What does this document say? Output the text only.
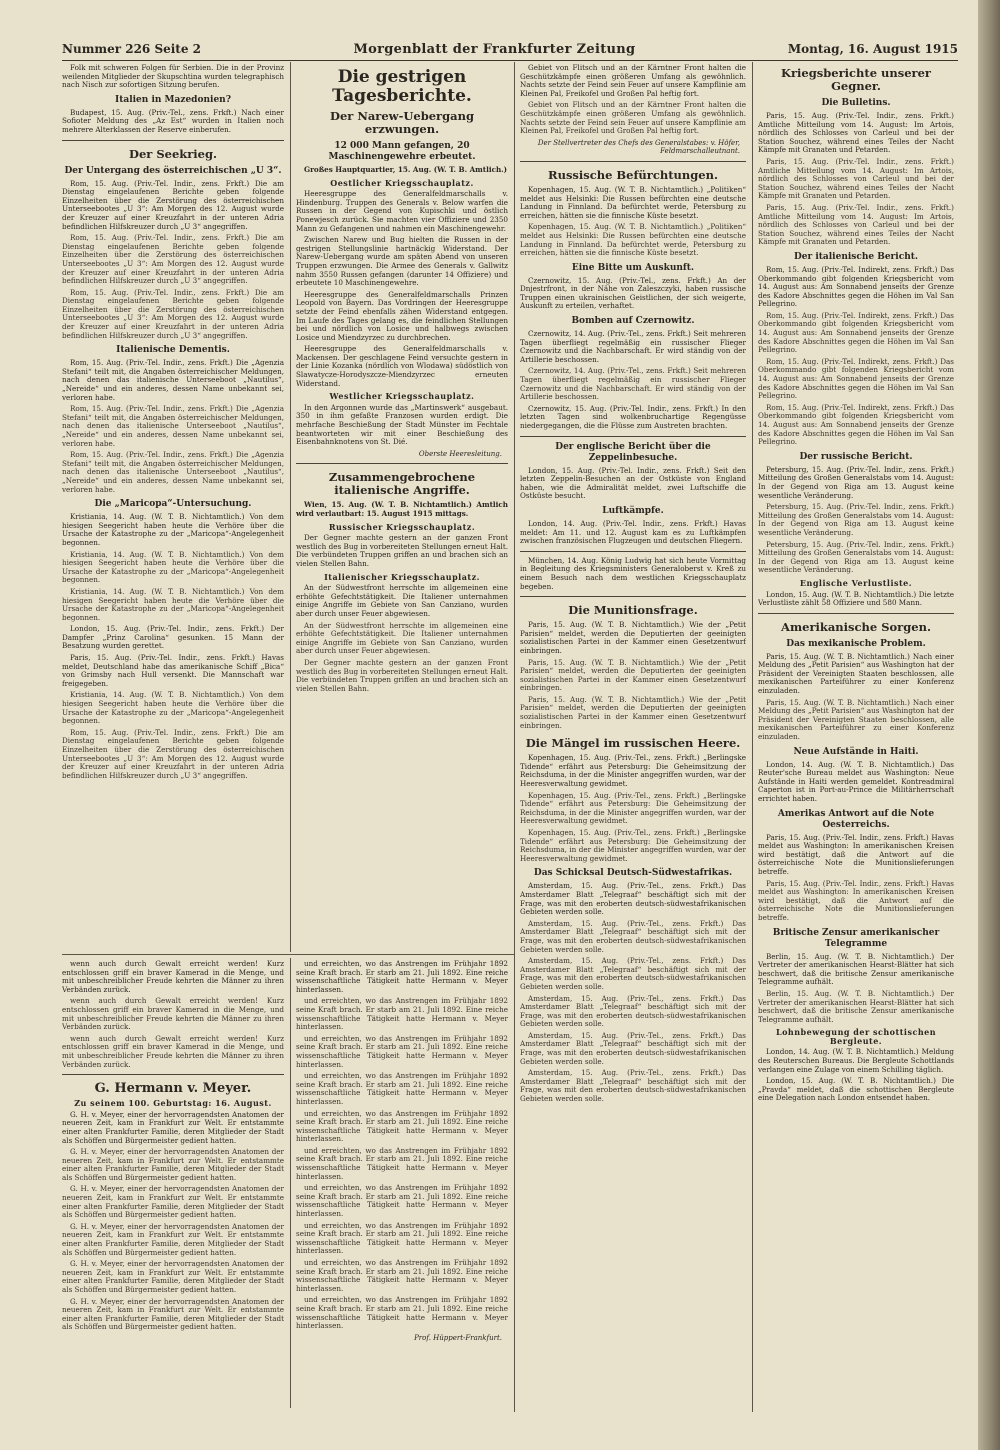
Nummer 226 Seite 2	Morgenblatt der Frankfurter Zeitung	Montag, 16. August 1915

Folk mit schweren Folgen für Serbien. Die in der Provinz weilenden Mitglieder der Skupschtina wurden telegraphisch nach Nisch zur sofortigen Sitzung berufen.

Italien in Mazedonien?

Budapest, 15. Aug. (Priv.-Tel., zens. Frkft.) Nach einer Sofioter Meldung des „Az Est“ wurden in Italien noch mehrere Alterklassen der Reserve einberufen.

Der Seekrieg.
Der Untergang des österreichischen „U 3“.

Rom, 15. Aug. (Priv.-Tel. Indir., zens. Frkft.) Die am Dienstag eingelaufenen Berichte geben folgende Einzelheiten über die Zerstörung des österreichischen Unterseebootes „U 3“: Am Morgen des 12. August wurde der Kreuzer auf einer Kreuzfahrt in der unteren Adria befindlichen Hilfskreuzer durch „U 3“ angegriffen.

Rom, 15. Aug. (Priv.-Tel. Indir., zens. Frkft.) Die am Dienstag eingelaufenen Berichte geben folgende Einzelheiten über die Zerstörung des österreichischen Unterseebootes „U 3“: Am Morgen des 12. August wurde der Kreuzer auf einer Kreuzfahrt in der unteren Adria befindlichen Hilfskreuzer durch „U 3“ angegriffen.

Rom, 15. Aug. (Priv.-Tel. Indir., zens. Frkft.) Die am Dienstag eingelaufenen Berichte geben folgende Einzelheiten über die Zerstörung des österreichischen Unterseebootes „U 3“: Am Morgen des 12. August wurde der Kreuzer auf einer Kreuzfahrt in der unteren Adria befindlichen Hilfskreuzer durch „U 3“ angegriffen.

Italienische Dementis.

Rom, 15. Aug. (Priv.-Tel. Indir., zens. Frkft.) Die „Agenzia Stefani“ teilt mit, die Angaben österreichischer Meldungen, nach denen das italienische Unterseeboot „Nautilus“, „Nereide“ und ein anderes, dessen Name unbekannt sei, verloren habe.

Rom, 15. Aug. (Priv.-Tel. Indir., zens. Frkft.) Die „Agenzia Stefani“ teilt mit, die Angaben österreichischer Meldungen, nach denen das italienische Unterseeboot „Nautilus“, „Nereide“ und ein anderes, dessen Name unbekannt sei, verloren habe.

Rom, 15. Aug. (Priv.-Tel. Indir., zens. Frkft.) Die „Agenzia Stefani“ teilt mit, die Angaben österreichischer Meldungen, nach denen das italienische Unterseeboot „Nautilus“, „Nereide“ und ein anderes, dessen Name unbekannt sei, verloren habe.

Die „Maricopa“-Untersuchung.

Kristiania, 14. Aug. (W. T. B. Nichtamtlich.) Von dem hiesigen Seegericht haben heute die Verhöre über die Ursache der Katastrophe zu der „Maricopa“-Angelegenheit begonnen.

Kristiania, 14. Aug. (W. T. B. Nichtamtlich.) Von dem hiesigen Seegericht haben heute die Verhöre über die Ursache der Katastrophe zu der „Maricopa“-Angelegenheit begonnen.

Kristiania, 14. Aug. (W. T. B. Nichtamtlich.) Von dem hiesigen Seegericht haben heute die Verhöre über die Ursache der Katastrophe zu der „Maricopa“-Angelegenheit begonnen.

London, 15. Aug. (Priv.-Tel. Indir., zens. Frkft.) Der Dampfer „Prinz Carolina“ gesunken. 15 Mann der Besatzung wurden gerettet.

Paris, 15. Aug. (Priv.-Tel. Indir., zens. Frkft.) Havas meldet, Deutschland habe das amerikanische Schiff „Bica“ von Grimsby nach Hull versenkt. Die Mannschaft war freigegeben.

Kristiania, 14. Aug. (W. T. B. Nichtamtlich.) Von dem hiesigen Seegericht haben heute die Verhöre über die Ursache der Katastrophe zu der „Maricopa“-Angelegenheit begonnen.

Rom, 15. Aug. (Priv.-Tel. Indir., zens. Frkft.) Die am Dienstag eingelaufenen Berichte geben folgende Einzelheiten über die Zerstörung des österreichischen Unterseebootes „U 3“: Am Morgen des 12. August wurde der Kreuzer auf einer Kreuzfahrt in der unteren Adria befindlichen Hilfskreuzer durch „U 3“ angegriffen.

Die gestrigen Tagesberichte.
Der Narew-Uebergang erzwungen.
12 000 Mann gefangen, 20 Maschinengewehre erbeutet.

Großes Hauptquartier, 15. Aug. (W. T. B. Amtlich.)

Oestlicher Kriegsschauplatz.

Heeresgruppe des Generalfeldmarschalls v. Hindenburg. Truppen des Generals v. Below warfen die Russen in der Gegend von Kupischki und östlich Ponewjesch zurück. Sie machten vier Offiziere und 2350 Mann zu Gefangenen und nahmen ein Maschinengewehr.

Zwischen Narew und Bug hielten die Russen in der gestrigen Stellungslinie hartnäckig Widerstand. Der Narew-Uebergang wurde am späten Abend von unseren Truppen erzwungen. Die Armee des Generals v. Gallwitz nahm 3550 Russen gefangen (darunter 14 Offiziere) und erbeutete 10 Maschinengewehre.

Heeresgruppe des Generalfeldmarschalls Prinzen Leopold von Bayern. Das Vordringen der Heeresgruppe setzte der Feind ebenfalls zähen Widerstand entgegen. Im Laufe des Tages gelang es, die feindlichen Stellungen bei und nördlich von Losice und halbwegs zwischen Losice und Miendzyrzec zu durchbrechen.

Heeresgruppe des Generalfeldmarschalls v. Mackensen. Der geschlagene Feind versuchte gestern in der Linie Kozanka (nördlich von Wlodawa) südöstlich von Slawatycze-Horodyszcze-Miendzyrzec erneuten Widerstand.

Westlicher Kriegsschauplatz.

In den Argonnen wurde das „Martinswerk“ ausgebaut. 350 in ihm gefaßte Franzosen wurden erdigt. Die mehrfache Beschießung der Stadt Münster im Fechtale beantworteten wir mit einer Beschießung des Eisenbahnknotens von St. Dié.

Oberste Heeresleitung.
Zusammengebrochene italienische Angriffe.

Wien, 15. Aug. (W. T. B. Nichtamtlich.) Amtlich wird verlautbart: 15. August 1915 mittags.

Russischer Kriegsschauplatz.

Der Gegner machte gestern an der ganzen Front westlich des Bug in vorbereiteten Stellungen erneut Halt. Die verbündeten Truppen griffen an und brachen sich an vielen Stellen Bahn.

Italienischer Kriegsschauplatz.

An der Südwestfront herrschte im allgemeinen eine erhöhte Gefechtstätigkeit. Die Italiener unternahmen einige Angriffe im Gebiete von San Canziano, wurden aber durch unser Feuer abgewiesen.

An der Südwestfront herrschte im allgemeinen eine erhöhte Gefechtstätigkeit. Die Italiener unternahmen einige Angriffe im Gebiete von San Canziano, wurden aber durch unser Feuer abgewiesen.

Der Gegner machte gestern an der ganzen Front westlich des Bug in vorbereiteten Stellungen erneut Halt. Die verbündeten Truppen griffen an und brachen sich an vielen Stellen Bahn.

Gebiet von Flitsch und an der Kärntner Front halten die Geschützkämpfe einen größeren Umfang als gewöhnlich. Nachts setzte der Feind sein Feuer auf unsere Kampflinie am Kleinen Pal, Freikofel und Großen Pal heftig fort.

Gebiet von Flitsch und an der Kärntner Front halten die Geschützkämpfe einen größeren Umfang als gewöhnlich. Nachts setzte der Feind sein Feuer auf unsere Kampflinie am Kleinen Pal, Freikofel und Großen Pal heftig fort.

Der Stellvertreter des Chefs des Generalstabes: v. Höfer, Feldmarschalleutnant.
Russische Befürchtungen.

Kopenhagen, 15. Aug. (W. T. B. Nichtamtlich.) „Politiken“ meldet aus Helsinki: Die Russen befürchten eine deutsche Landung in Finnland. Da befürchtet werde, Petersburg zu erreichen, hätten sie die finnische Küste besetzt.

Kopenhagen, 15. Aug. (W. T. B. Nichtamtlich.) „Politiken“ meldet aus Helsinki: Die Russen befürchten eine deutsche Landung in Finnland. Da befürchtet werde, Petersburg zu erreichen, hätten sie die finnische Küste besetzt.

Eine Bitte um Auskunft.

Czernowitz, 15. Aug. (Priv.-Tel., zens. Frkft.) An der Dnjestrfront, in der Nähe von Zaleszczyki, haben russische Truppen einen ukrainischen Geistlichen, der sich weigerte, Auskunft zu erteilen, verhaftet.

Bomben auf Czernowitz.

Czernowitz, 14. Aug. (Priv.-Tel., zens. Frkft.) Seit mehreren Tagen überfliegt regelmäßig ein russischer Flieger Czernowitz und die Nachbarschaft. Er wird ständig von der Artillerie beschossen.

Czernowitz, 14. Aug. (Priv.-Tel., zens. Frkft.) Seit mehreren Tagen überfliegt regelmäßig ein russischer Flieger Czernowitz und die Nachbarschaft. Er wird ständig von der Artillerie beschossen.

Czernowitz, 15. Aug. (Priv.-Tel. Indir., zens. Frkft.) In den letzten Tagen sind wolkenbruchartige Regengüsse niedergegangen, die die Flüsse zum Austreten brachten.

Der englische Bericht über die Zeppelinbesuche.

London, 15. Aug. (Priv.-Tel. Indir., zens. Frkft.) Seit den letzten Zeppelin-Besuchen an der Ostküste von England haben, wie die Admiralität meldet, zwei Luftschiffe die Ostküste besucht.

Luftkämpfe.

London, 14. Aug. (Priv.-Tel. Indir., zens. Frkft.) Havas meldet: Am 11. und 12. August kam es zu Luftkämpfen zwischen französischen Flugzeugen und deutschen Fliegern.

München, 14. Aug. König Ludwig hat sich heute Vormittag in Begleitung des Kriegsministers Generaloberst v. Kreß zu einem Besuch nach dem westlichen Kriegsschauplatz begeben.

Die Munitionsfrage.

Paris, 15. Aug. (W. T. B. Nichtamtlich.) Wie der „Petit Parisien“ meldet, werden die Deputierten der geeinigten sozialistischen Partei in der Kammer einen Gesetzentwurf einbringen.

Paris, 15. Aug. (W. T. B. Nichtamtlich.) Wie der „Petit Parisien“ meldet, werden die Deputierten der geeinigten sozialistischen Partei in der Kammer einen Gesetzentwurf einbringen.

Paris, 15. Aug. (W. T. B. Nichtamtlich.) Wie der „Petit Parisien“ meldet, werden die Deputierten der geeinigten sozialistischen Partei in der Kammer einen Gesetzentwurf einbringen.

Die Mängel im russischen Heere.

Kopenhagen, 15. Aug. (Priv.-Tel., zens. Frkft.) „Berlingske Tidende“ erfährt aus Petersburg: Die Geheimsitzung der Reichsduma, in der die Minister angegriffen wurden, war der Heeresverwaltung gewidmet.

Kopenhagen, 15. Aug. (Priv.-Tel., zens. Frkft.) „Berlingske Tidende“ erfährt aus Petersburg: Die Geheimsitzung der Reichsduma, in der die Minister angegriffen wurden, war der Heeresverwaltung gewidmet.

Kopenhagen, 15. Aug. (Priv.-Tel., zens. Frkft.) „Berlingske Tidende“ erfährt aus Petersburg: Die Geheimsitzung der Reichsduma, in der die Minister angegriffen wurden, war der Heeresverwaltung gewidmet.

Das Schicksal Deutsch-Südwestafrikas.

Amsterdam, 15. Aug. (Priv.-Tel., zens. Frkft.) Das Amsterdamer Blatt „Telegraaf“ beschäftigt sich mit der Frage, was mit den eroberten deutsch-südwestafrikanischen Gebieten werden solle.

Amsterdam, 15. Aug. (Priv.-Tel., zens. Frkft.) Das Amsterdamer Blatt „Telegraaf“ beschäftigt sich mit der Frage, was mit den eroberten deutsch-südwestafrikanischen Gebieten werden solle.

Amsterdam, 15. Aug. (Priv.-Tel., zens. Frkft.) Das Amsterdamer Blatt „Telegraaf“ beschäftigt sich mit der Frage, was mit den eroberten deutsch-südwestafrikanischen Gebieten werden solle.

Amsterdam, 15. Aug. (Priv.-Tel., zens. Frkft.) Das Amsterdamer Blatt „Telegraaf“ beschäftigt sich mit der Frage, was mit den eroberten deutsch-südwestafrikanischen Gebieten werden solle.

Amsterdam, 15. Aug. (Priv.-Tel., zens. Frkft.) Das Amsterdamer Blatt „Telegraaf“ beschäftigt sich mit der Frage, was mit den eroberten deutsch-südwestafrikanischen Gebieten werden solle.

Amsterdam, 15. Aug. (Priv.-Tel., zens. Frkft.) Das Amsterdamer Blatt „Telegraaf“ beschäftigt sich mit der Frage, was mit den eroberten deutsch-südwestafrikanischen Gebieten werden solle.

Kriegsberichte unserer Gegner.
Die Bulletins.

Paris, 15. Aug. (Priv.-Tel. Indir., zens. Frkft.) Amtliche Mitteilung vom 14. August: Im Artois, nördlich des Schlosses von Carleul und bei der Station Souchez, während eines Teiles der Nacht Kämpfe mit Granaten und Petarden.

Paris, 15. Aug. (Priv.-Tel. Indir., zens. Frkft.) Amtliche Mitteilung vom 14. August: Im Artois, nördlich des Schlosses von Carleul und bei der Station Souchez, während eines Teiles der Nacht Kämpfe mit Granaten und Petarden.

Paris, 15. Aug. (Priv.-Tel. Indir., zens. Frkft.) Amtliche Mitteilung vom 14. August: Im Artois, nördlich des Schlosses von Carleul und bei der Station Souchez, während eines Teiles der Nacht Kämpfe mit Granaten und Petarden.

Der italienische Bericht.

Rom, 15. Aug. (Priv.-Tel. Indirekt, zens. Frkft.) Das Oberkommando gibt folgenden Kriegsbericht vom 14. August aus: Am Sonnabend jenseits der Grenze des Kadore Abschnittes gegen die Höhen im Val San Pellegrino.

Rom, 15. Aug. (Priv.-Tel. Indirekt, zens. Frkft.) Das Oberkommando gibt folgenden Kriegsbericht vom 14. August aus: Am Sonnabend jenseits der Grenze des Kadore Abschnittes gegen die Höhen im Val San Pellegrino.

Rom, 15. Aug. (Priv.-Tel. Indirekt, zens. Frkft.) Das Oberkommando gibt folgenden Kriegsbericht vom 14. August aus: Am Sonnabend jenseits der Grenze des Kadore Abschnittes gegen die Höhen im Val San Pellegrino.

Rom, 15. Aug. (Priv.-Tel. Indirekt, zens. Frkft.) Das Oberkommando gibt folgenden Kriegsbericht vom 14. August aus: Am Sonnabend jenseits der Grenze des Kadore Abschnittes gegen die Höhen im Val San Pellegrino.

Der russische Bericht.

Petersburg, 15. Aug. (Priv.-Tel. Indir., zens. Frkft.) Mitteilung des Großen Generalstabs vom 14. August: In der Gegend von Riga am 13. August keine wesentliche Veränderung.

Petersburg, 15. Aug. (Priv.-Tel. Indir., zens. Frkft.) Mitteilung des Großen Generalstabs vom 14. August: In der Gegend von Riga am 13. August keine wesentliche Veränderung.

Petersburg, 15. Aug. (Priv.-Tel. Indir., zens. Frkft.) Mitteilung des Großen Generalstabs vom 14. August: In der Gegend von Riga am 13. August keine wesentliche Veränderung.

Englische Verlustliste.

London, 15. Aug. (W. T. B. Nichtamtlich.) Die letzte Verlustliste zählt 58 Offiziere und 580 Mann.

Amerikanische Sorgen.
Das mexikanische Problem.

Paris, 15. Aug. (W. T. B. Nichtamtlich.) Nach einer Meldung des „Petit Parisien“ aus Washington hat der Präsident der Vereinigten Staaten beschlossen, alle mexikanischen Parteiführer zu einer Konferenz einzuladen.

Paris, 15. Aug. (W. T. B. Nichtamtlich.) Nach einer Meldung des „Petit Parisien“ aus Washington hat der Präsident der Vereinigten Staaten beschlossen, alle mexikanischen Parteiführer zu einer Konferenz einzuladen.

Neue Aufstände in Haiti.

London, 14. Aug. (W. T. B. Nichtamtlich.) Das Reuter'sche Bureau meldet aus Washington: Neue Aufstände in Haiti werden gemeldet. Kontreadmiral Caperton ist in Port-au-Prince die Militärherrschaft errichtet haben.

Amerikas Antwort auf die Note Oesterreichs.

Paris, 15. Aug. (Priv.-Tel. Indir., zens. Frkft.) Havas meldet aus Washington: In amerikanischen Kreisen wird bestätigt, daß die Antwort auf die österreichische Note die Munitionslieferungen betreffe.

Paris, 15. Aug. (Priv.-Tel. Indir., zens. Frkft.) Havas meldet aus Washington: In amerikanischen Kreisen wird bestätigt, daß die Antwort auf die österreichische Note die Munitionslieferungen betreffe.

Britische Zensur amerikanischer Telegramme

Berlin, 15. Aug. (W. T. B. Nichtamtlich.) Der Vertreter der amerikanischen Hearst-Blätter hat sich beschwert, daß die britische Zensur amerikanische Telegramme aufhält.

Berlin, 15. Aug. (W. T. B. Nichtamtlich.) Der Vertreter der amerikanischen Hearst-Blätter hat sich beschwert, daß die britische Zensur amerikanische Telegramme aufhält.

Lohnbewegung der schottischen Bergleute.

London, 14. Aug. (W. T. B. Nichtamtlich.) Meldung des Reuterschen Bureaus. Die Bergleute Schottlands verlangen eine Zulage von einem Schilling täglich.

London, 15. Aug. (W. T. B. Nichtamtlich.) Die „Pravda“ meldet, daß die schottischen Bergleute eine Delegation nach London entsendet haben.

wenn auch durch Gewalt erreicht werden! Kurz entschlossen griff ein braver Kamerad in die Menge, und mit unbeschreiblicher Freude kehrten die Männer zu ihren Verbänden zurück.

wenn auch durch Gewalt erreicht werden! Kurz entschlossen griff ein braver Kamerad in die Menge, und mit unbeschreiblicher Freude kehrten die Männer zu ihren Verbänden zurück.

wenn auch durch Gewalt erreicht werden! Kurz entschlossen griff ein braver Kamerad in die Menge, und mit unbeschreiblicher Freude kehrten die Männer zu ihren Verbänden zurück.

G. Hermann v. Meyer.
Zu seinem 100. Geburtstag: 16. August.

G. H. v. Meyer, einer der hervorragendsten Anatomen der neueren Zeit, kam in Frankfurt zur Welt. Er entstammte einer alten Frankfurter Familie, deren Mitglieder der Stadt als Schöffen und Bürgermeister gedient hatten.

G. H. v. Meyer, einer der hervorragendsten Anatomen der neueren Zeit, kam in Frankfurt zur Welt. Er entstammte einer alten Frankfurter Familie, deren Mitglieder der Stadt als Schöffen und Bürgermeister gedient hatten.

G. H. v. Meyer, einer der hervorragendsten Anatomen der neueren Zeit, kam in Frankfurt zur Welt. Er entstammte einer alten Frankfurter Familie, deren Mitglieder der Stadt als Schöffen und Bürgermeister gedient hatten.

G. H. v. Meyer, einer der hervorragendsten Anatomen der neueren Zeit, kam in Frankfurt zur Welt. Er entstammte einer alten Frankfurter Familie, deren Mitglieder der Stadt als Schöffen und Bürgermeister gedient hatten.

G. H. v. Meyer, einer der hervorragendsten Anatomen der neueren Zeit, kam in Frankfurt zur Welt. Er entstammte einer alten Frankfurter Familie, deren Mitglieder der Stadt als Schöffen und Bürgermeister gedient hatten.

G. H. v. Meyer, einer der hervorragendsten Anatomen der neueren Zeit, kam in Frankfurt zur Welt. Er entstammte einer alten Frankfurter Familie, deren Mitglieder der Stadt als Schöffen und Bürgermeister gedient hatten.

und erreichten, wo das Anstrengen im Frühjahr 1892 seine Kraft brach. Er starb am 21. Juli 1892. Eine reiche wissenschaftliche Tätigkeit hatte Hermann v. Meyer hinterlassen.

und erreichten, wo das Anstrengen im Frühjahr 1892 seine Kraft brach. Er starb am 21. Juli 1892. Eine reiche wissenschaftliche Tätigkeit hatte Hermann v. Meyer hinterlassen.

und erreichten, wo das Anstrengen im Frühjahr 1892 seine Kraft brach. Er starb am 21. Juli 1892. Eine reiche wissenschaftliche Tätigkeit hatte Hermann v. Meyer hinterlassen.

und erreichten, wo das Anstrengen im Frühjahr 1892 seine Kraft brach. Er starb am 21. Juli 1892. Eine reiche wissenschaftliche Tätigkeit hatte Hermann v. Meyer hinterlassen.

und erreichten, wo das Anstrengen im Frühjahr 1892 seine Kraft brach. Er starb am 21. Juli 1892. Eine reiche wissenschaftliche Tätigkeit hatte Hermann v. Meyer hinterlassen.

und erreichten, wo das Anstrengen im Frühjahr 1892 seine Kraft brach. Er starb am 21. Juli 1892. Eine reiche wissenschaftliche Tätigkeit hatte Hermann v. Meyer hinterlassen.

und erreichten, wo das Anstrengen im Frühjahr 1892 seine Kraft brach. Er starb am 21. Juli 1892. Eine reiche wissenschaftliche Tätigkeit hatte Hermann v. Meyer hinterlassen.

und erreichten, wo das Anstrengen im Frühjahr 1892 seine Kraft brach. Er starb am 21. Juli 1892. Eine reiche wissenschaftliche Tätigkeit hatte Hermann v. Meyer hinterlassen.

und erreichten, wo das Anstrengen im Frühjahr 1892 seine Kraft brach. Er starb am 21. Juli 1892. Eine reiche wissenschaftliche Tätigkeit hatte Hermann v. Meyer hinterlassen.

und erreichten, wo das Anstrengen im Frühjahr 1892 seine Kraft brach. Er starb am 21. Juli 1892. Eine reiche wissenschaftliche Tätigkeit hatte Hermann v. Meyer hinterlassen.

Prof. Hüppert-Frankfurt.
